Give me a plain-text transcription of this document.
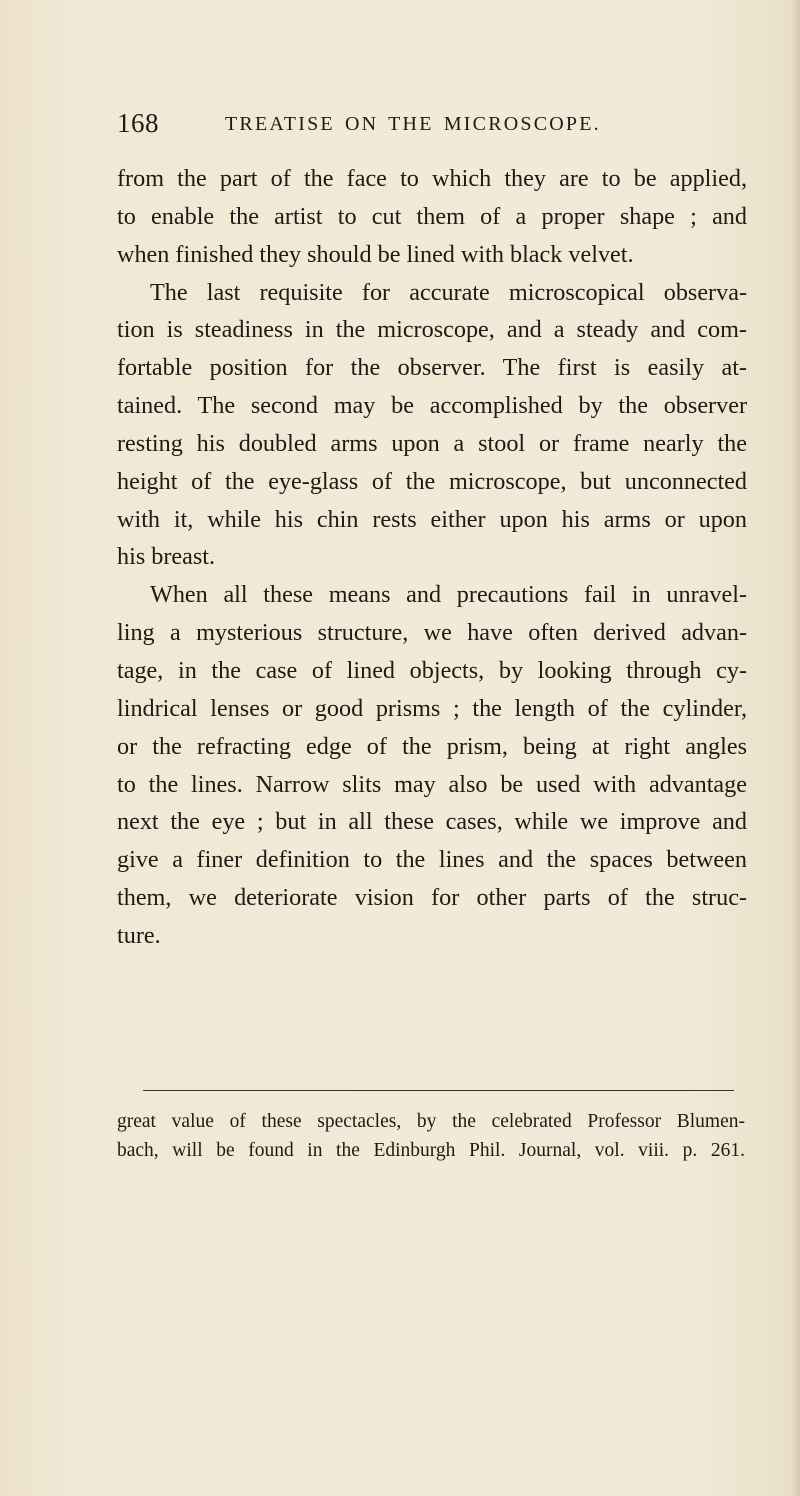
168	TREATISE ON THE MICROSCOPE.
from the part of the face to which they are to be applied,
to enable the artist to cut them of a proper shape ; and
when finished they should be lined with black velvet.
The last requisite for accurate microscopical observa-
tion is steadiness in the microscope, and a steady and com-
fortable position for the observer. The first is easily at-
tained. The second may be accomplished by the observer
resting his doubled arms upon a stool or frame nearly the
height of the eye-glass of the microscope, but unconnected
with it, while his chin rests either upon his arms or upon
his breast.
When all these means and precautions fail in unravel-
ling a mysterious structure, we have often derived advan-
tage, in the case of lined objects, by looking through cy-
lindrical lenses or good prisms ; the length of the cylinder,
or the refracting edge of the prism, being at right angles
to the lines. Narrow slits may also be used with advantage
next the eye ; but in all these cases, while we improve and
give a finer definition to the lines and the spaces between
them, we deteriorate vision for other parts of the struc-
ture.
great value of these spectacles, by the celebrated Professor Blumen-
bach, will be found in the Edinburgh Phil. Journal, vol. viii. p. 261.
